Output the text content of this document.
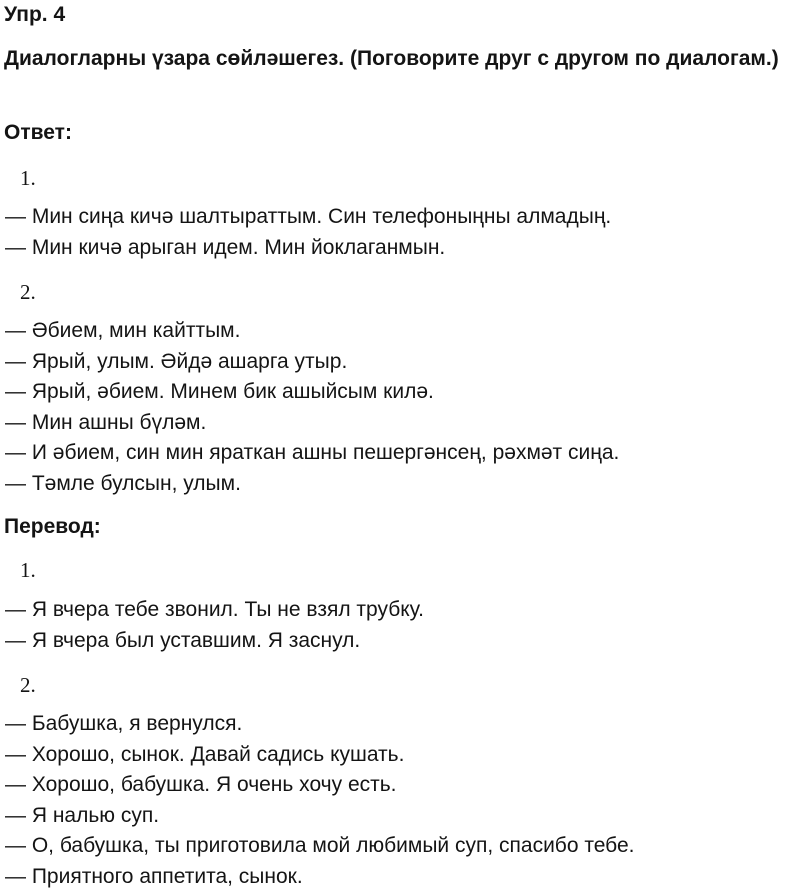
Упр. 4
Диалогларны үзара сөйләшегез. (Поговорите друг с другом по диалогам.)
Ответ:

1.

— Мин сиңа кичә шалтыраттым. Син телефоныңны алмадың.
— Мин кичә арыган идем. Мин йоклаганмын.

2.

— Әбием, мин кайттым.
— Ярый, улым. Әйдә ашарга утыр.
— Ярый, әбием. Минем бик ашыйсым килә.
— Мин ашны бүләм.
— И әбием, син мин яраткан ашны пешергәнсең, рәхмәт сиңа.
— Тәмле булсын, улым.
Перевод:

1.

— Я вчера тебе звонил. Ты не взял трубку.
— Я вчера был уставшим. Я заснул.

2.

— Бабушка, я вернулся.
— Хорошо, сынок. Давай садись кушать.
— Хорошо, бабушка. Я очень хочу есть.
— Я налью суп.
— О, бабушка, ты приготовила мой любимый суп, спасибо тебе.
— Приятного аппетита, сынок.
